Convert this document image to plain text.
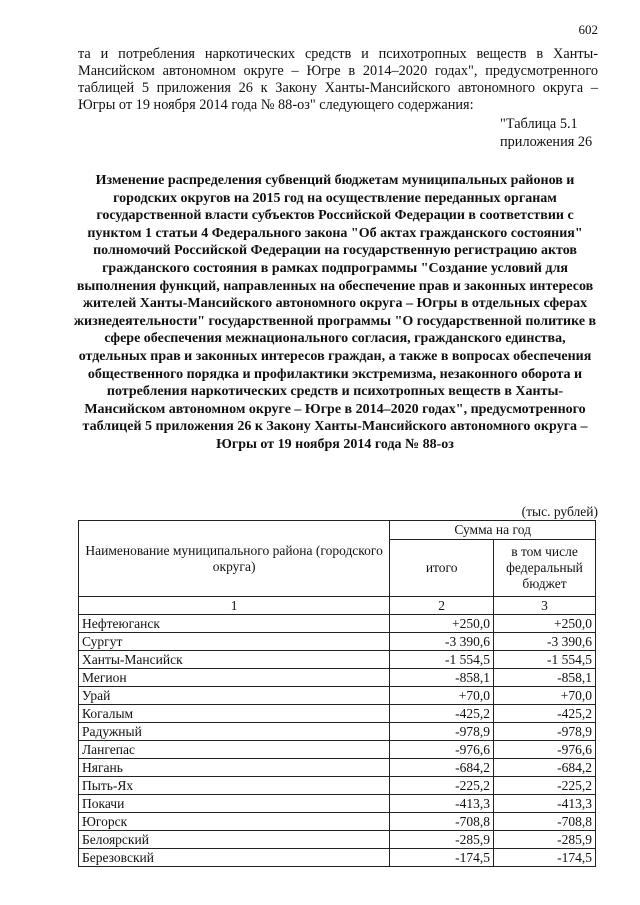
602

та и потребления наркотических средств и психотропных веществ в Ханты-Мансийском автономном округе – Югре в 2014–2020 годах", предусмотренного таблицей 5 приложения 26 к Закону Ханты-Мансийского автономного округа – Югры от 19 ноября 2014 года № 88-оз" следующего содержания:

"Таблица 5.1
приложения 26
Изменение распределения субвенций бюджетам муниципальных районов и городских округов на 2015 год на осуществление переданных органам государственной власти субъектов Российской Федерации в соответствии с пунктом 1 статьи 4 Федерального закона "Об актах гражданского состояния" полномочий Российской Федерации на государственную регистрацию актов гражданского состояния в рамках подпрограммы "Создание условий для выполнения функций, направленных на обеспечение прав и законных интересов жителей Ханты-Мансийского автономного округа – Югры в отдельных сферах жизнедеятельности" государственной программы "О государственной политике в сфере обеспечения межнационального согласия, гражданского единства, отдельных прав и законных интересов граждан, а также в вопросах обеспечения общественного порядка и профилактики экстремизма, незаконного оборота и потребления наркотических средств и психотропных веществ в Ханты-Мансийском автономном округе – Югре в 2014–2020 годах", предусмотренного таблицей 5 приложения 26 к Закону Ханты-Мансийского автономного округа – Югры от 19 ноября 2014 года № 88-оз
(тыс. рублей)
Наименование муниципального района (городского округа)	Сумма на год	
	итого	в том числе федеральный бюджет
1	2	3
Нефтеюганск	+250,0	+250,0
Сургут	-3 390,6	-3 390,6
Ханты-Мансийск	-1 554,5	-1 554,5
Мегион	-858,1	-858,1
Урай	+70,0	+70,0
Когалым	-425,2	-425,2
Радужный	-978,9	-978,9
Лангепас	-976,6	-976,6
Нягань	-684,2	-684,2
Пыть-Ях	-225,2	-225,2
Покачи	-413,3	-413,3
Югорск	-708,8	-708,8
Белоярский	-285,9	-285,9
Березовский	-174,5	-174,5
